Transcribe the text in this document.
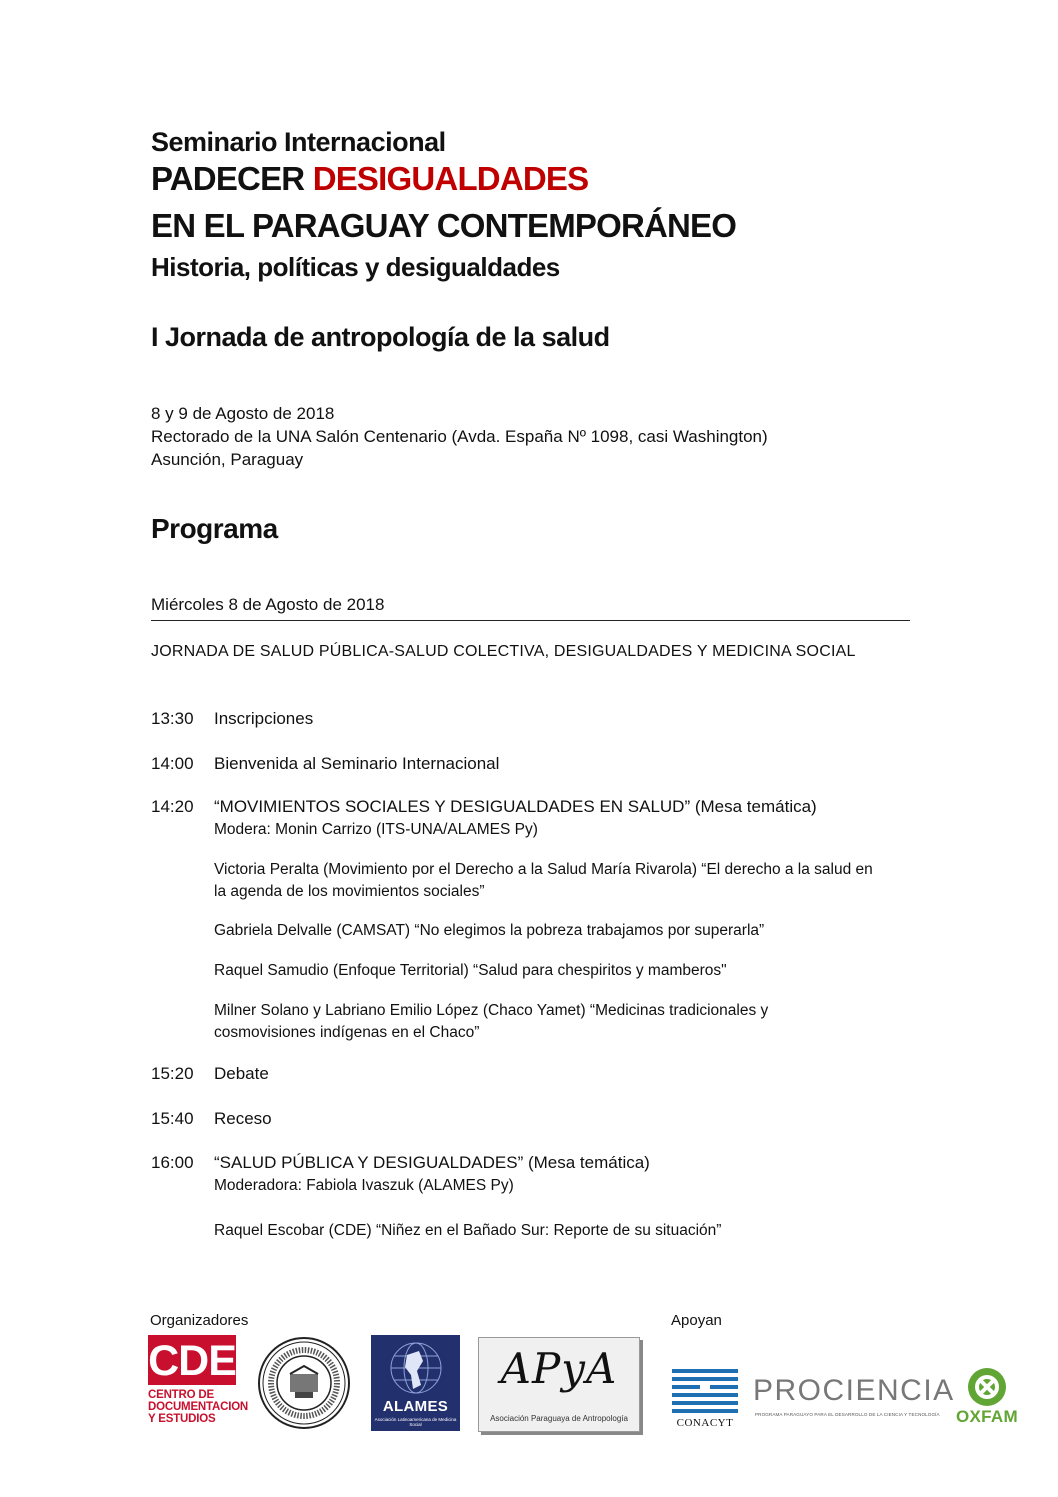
Seminario Internacional
PADECER DESIGUALDADES
EN EL PARAGUAY CONTEMPORÁNEO
Historia, políticas y desigualdades
I Jornada de antropología de la salud
8 y 9 de Agosto de 2018
Rectorado de la UNA Salón Centenario (Avda. España Nº 1098, casi Washington)
Asunción, Paraguay
Programa
Miércoles 8 de Agosto de 2018
JORNADA DE SALUD PÚBLICA-SALUD COLECTIVA, DESIGUALDADES Y MEDICINA SOCIAL
13:30 Inscripciones
14:00 Bienvenida al Seminario Internacional
14:20 “MOVIMIENTOS SOCIALES Y DESIGUALDADES EN SALUD” (Mesa temática)
Modera: Monin Carrizo (ITS-UNA/ALAMES Py)
Victoria Peralta (Movimiento por el Derecho a la Salud María Rivarola) “El derecho a la salud en la agenda de los movimientos sociales”
Gabriela Delvalle (CAMSAT) “No elegimos la pobreza trabajamos por superarla”
Raquel Samudio (Enfoque Territorial) “Salud para chespiritos y mamberos"
Milner Solano y Labriano Emilio López (Chaco Yamet) “Medicinas tradicionales y cosmovisiones indígenas en el Chaco”
15:20 Debate
15:40 Receso
16:00 “SALUD PÚBLICA Y DESIGUALDADES” (Mesa temática)
Moderadora: Fabiola Ivaszuk (ALAMES Py)
Raquel Escobar (CDE) “Niñez en el Bañado Sur: Reporte de su situación”
Organizadores	Apoyan
CDE
CENTRO DE
DOCUMENTACION
Y ESTUDIOS
ALAMES
Asociación Latinoamericana de Medicina Social
APyA
Asociación Paraguaya de Antropología	CONACYT
PROCIENCIA
PROGRAMA PARAGUAYO PARA EL DESARROLLO DE LA CIENCIA Y TECNOLOGÍA OXFAM
